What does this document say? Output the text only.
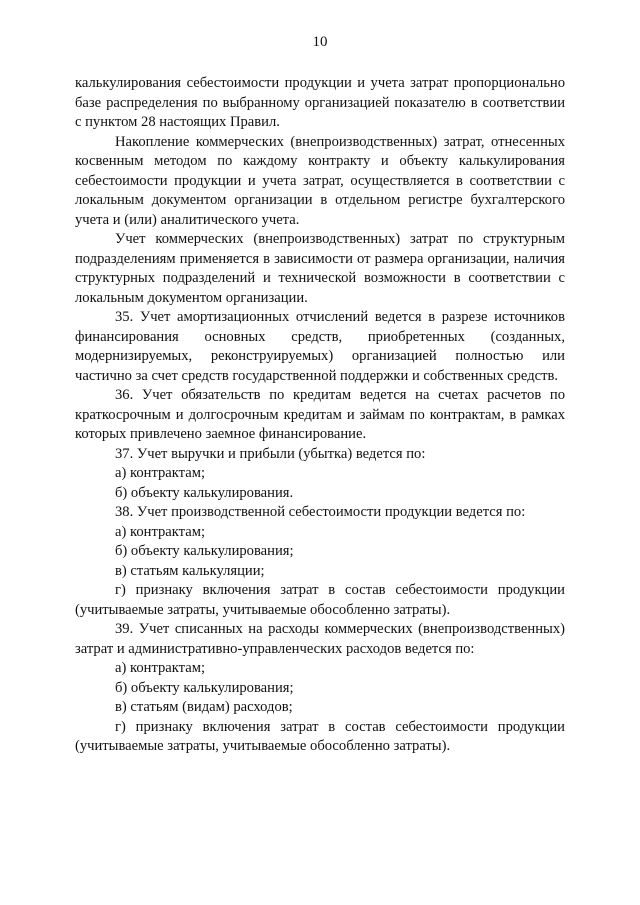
10

калькулирования себестоимости продукции и учета затрат пропорционально базе распределения по выбранному организацией показателю в соответствии с пунктом 28 настоящих Правил.

Накопление коммерческих (внепроизводственных) затрат, отнесенных косвенным методом по каждому контракту и объекту калькулирования себестоимости продукции и учета затрат, осуществляется в соответствии с локальным документом организации в отдельном регистре бухгалтерского учета и (или) аналитического учета.

Учет коммерческих (внепроизводственных) затрат по структурным подразделениям применяется в зависимости от размера организации, наличия структурных подразделений и технической возможности в соответствии с локальным документом организации.

35. Учет амортизационных отчислений ведется в разрезе источников финансирования основных средств, приобретенных (созданных, модернизируемых, реконструируемых) организацией полностью или частично за счет средств государственной поддержки и собственных средств.

36. Учет обязательств по кредитам ведется на счетах расчетов по краткосрочным и долгосрочным кредитам и займам по контрактам, в рамках которых привлечено заемное финансирование.

37. Учет выручки и прибыли (убытка) ведется по:

а) контрактам;

б) объекту калькулирования.

38. Учет производственной себестоимости продукции ведется по:

а) контрактам;

б) объекту калькулирования;

в) статьям калькуляции;

г) признаку включения затрат в состав себестоимости продукции (учитываемые затраты, учитываемые обособленно затраты).

39. Учет списанных на расходы коммерческих (внепроизводственных) затрат и административно-управленческих расходов ведется по:

а) контрактам;

б) объекту калькулирования;

в) статьям (видам) расходов;

г) признаку включения затрат в состав себестоимости продукции (учитываемые затраты, учитываемые обособленно затраты).
